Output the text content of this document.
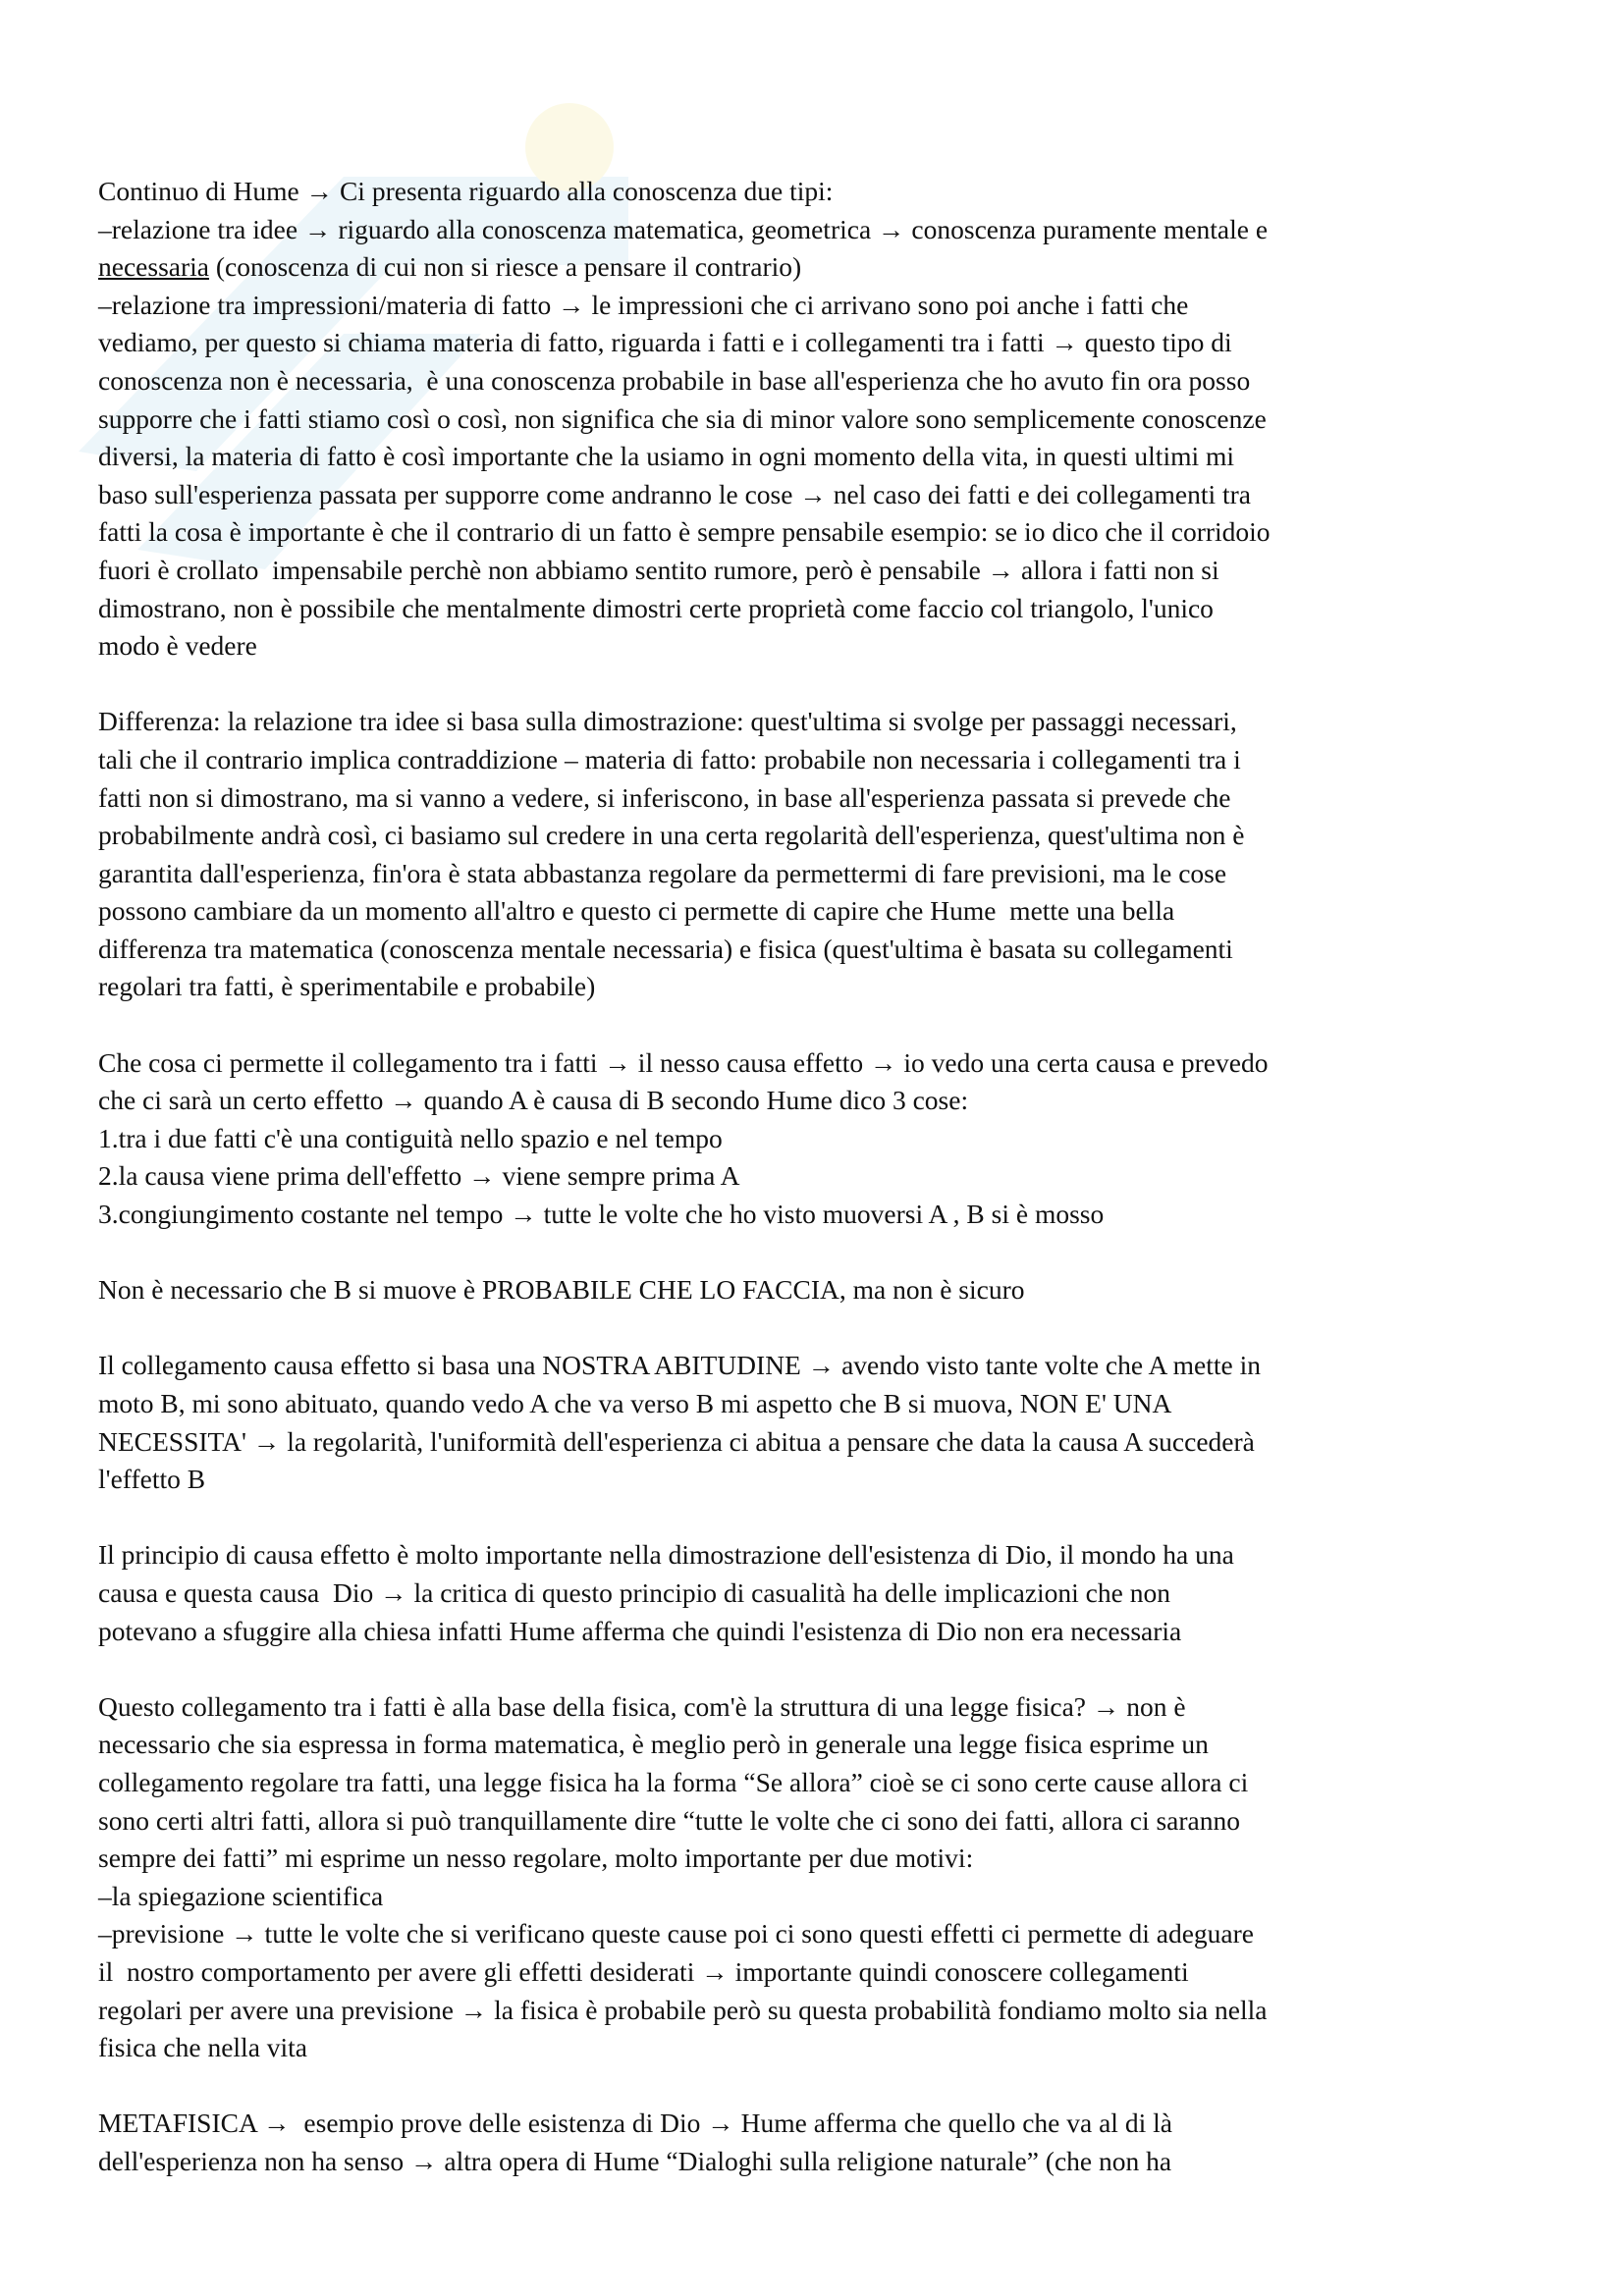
Continuo di Hume → Ci presenta riguardo alla conoscenza due tipi:
–relazione tra idee → riguardo alla conoscenza matematica, geometrica → conoscenza puramente mentale e
necessaria (conoscenza di cui non si riesce a pensare il contrario)
–relazione tra impressioni/materia di fatto → le impressioni che ci arrivano sono poi anche i fatti che
vediamo, per questo si chiama materia di fatto, riguarda i fatti e i collegamenti tra i fatti → questo tipo di
conoscenza non è necessaria,  è una conoscenza probabile in base all'esperienza che ho avuto fin ora posso
supporre che i fatti stiamo così o così, non significa che sia di minor valore sono semplicemente conoscenze
diversi, la materia di fatto è così importante che la usiamo in ogni momento della vita, in questi ultimi mi
baso sull'esperienza passata per supporre come andranno le cose → nel caso dei fatti e dei collegamenti tra
fatti la cosa è importante è che il contrario di un fatto è sempre pensabile esempio: se io dico che il corridoio
fuori è crollato  impensabile perchè non abbiamo sentito rumore, però è pensabile → allora i fatti non si
dimostrano, non è possibile che mentalmente dimostri certe proprietà come faccio col triangolo, l'unico
modo è vedere

Differenza: la relazione tra idee si basa sulla dimostrazione: quest'ultima si svolge per passaggi necessari,
tali che il contrario implica contraddizione – materia di fatto: probabile non necessaria i collegamenti tra i
fatti non si dimostrano, ma si vanno a vedere, si inferiscono, in base all'esperienza passata si prevede che
probabilmente andrà così, ci basiamo sul credere in una certa regolarità dell'esperienza, quest'ultima non è
garantita dall'esperienza, fin'ora è stata abbastanza regolare da permettermi di fare previsioni, ma le cose
possono cambiare da un momento all'altro e questo ci permette di capire che Hume  mette una bella
differenza tra matematica (conoscenza mentale necessaria) e fisica (quest'ultima è basata su collegamenti
regolari tra fatti, è sperimentabile e probabile)

Che cosa ci permette il collegamento tra i fatti → il nesso causa effetto → io vedo una certa causa e prevedo
che ci sarà un certo effetto → quando A è causa di B secondo Hume dico 3 cose:
1.tra i due fatti c'è una contiguità nello spazio e nel tempo
2.la causa viene prima dell'effetto → viene sempre prima A
3.congiungimento costante nel tempo → tutte le volte che ho visto muoversi A , B si è mosso

Non è necessario che B si muove è PROBABILE CHE LO FACCIA, ma non è sicuro

Il collegamento causa effetto si basa una NOSTRA ABITUDINE → avendo visto tante volte che A mette in
moto B, mi sono abituato, quando vedo A che va verso B mi aspetto che B si muova, NON E' UNA
NECESSITA' → la regolarità, l'uniformità dell'esperienza ci abitua a pensare che data la causa A succederà
l'effetto B

Il principio di causa effetto è molto importante nella dimostrazione dell'esistenza di Dio, il mondo ha una
causa e questa causa  Dio → la critica di questo principio di casualità ha delle implicazioni che non
potevano a sfuggire alla chiesa infatti Hume afferma che quindi l'esistenza di Dio non era necessaria

Questo collegamento tra i fatti è alla base della fisica, com'è la struttura di una legge fisica? → non è
necessario che sia espressa in forma matematica, è meglio però in generale una legge fisica esprime un
collegamento regolare tra fatti, una legge fisica ha la forma “Se allora” cioè se ci sono certe cause allora ci
sono certi altri fatti, allora si può tranquillamente dire “tutte le volte che ci sono dei fatti, allora ci saranno
sempre dei fatti” mi esprime un nesso regolare, molto importante per due motivi:
–la spiegazione scientifica
–previsione → tutte le volte che si verificano queste cause poi ci sono questi effetti ci permette di adeguare
il  nostro comportamento per avere gli effetti desiderati → importante quindi conoscere collegamenti
regolari per avere una previsione → la fisica è probabile però su questa probabilità fondiamo molto sia nella
fisica che nella vita

METAFISICA →  esempio prove delle esistenza di Dio → Hume afferma che quello che va al di là
dell'esperienza non ha senso → altra opera di Hume “Dialoghi sulla religione naturale” (che non ha
